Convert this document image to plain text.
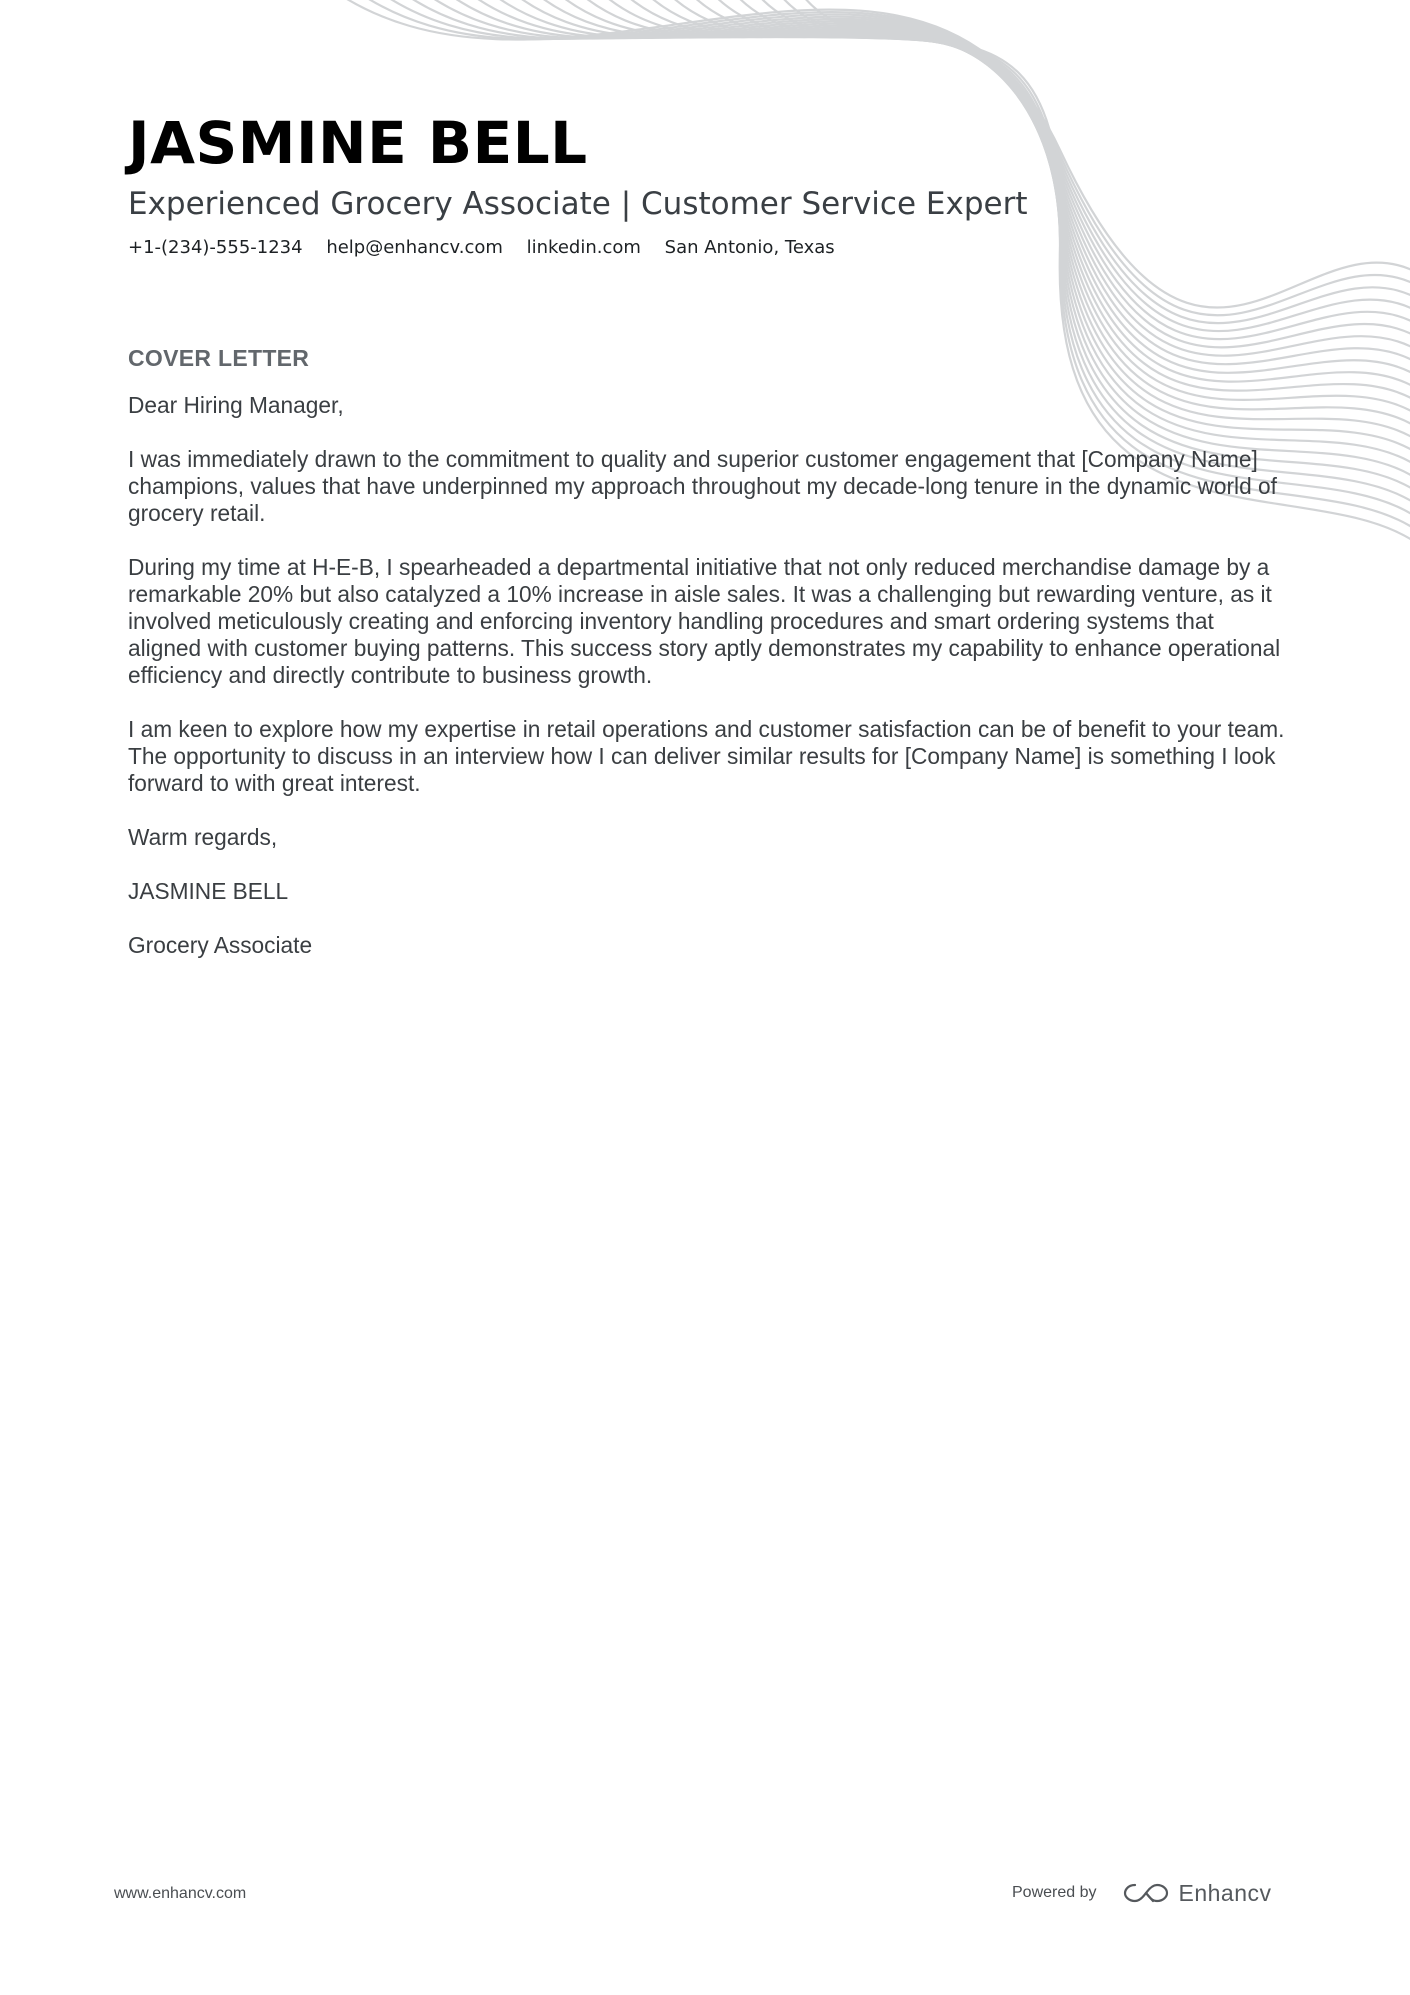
JASMINE BELL
Experienced Grocery Associate | Customer Service Expert
+1-(234)-555-1234 help@enhancv.com linkedin.com San Antonio, Texas
COVER LETTER

Dear Hiring Manager,

I was immediately drawn to the commitment to quality and superior customer engagement that [Company Name] champions, values that have underpinned my approach throughout my decade-long tenure in the dynamic world of grocery retail.

During my time at H-E-B, I spearheaded a departmental initiative that not only reduced merchandise damage by a remarkable 20% but also catalyzed a 10% increase in aisle sales. It was a challenging but rewarding venture, as it involved meticulously creating and enforcing inventory handling procedures and smart ordering systems that aligned with customer buying patterns. This success story aptly demonstrates my capability to enhance operational efficiency and directly contribute to business growth.

I am keen to explore how my expertise in retail operations and customer satisfaction can be of benefit to your team. The opportunity to discuss in an interview how I can deliver similar results for [Company Name] is something I look forward to with great interest.

Warm regards,

JASMINE BELL

Grocery Associate

www.enhancv.com	Powered by	Enhancv
